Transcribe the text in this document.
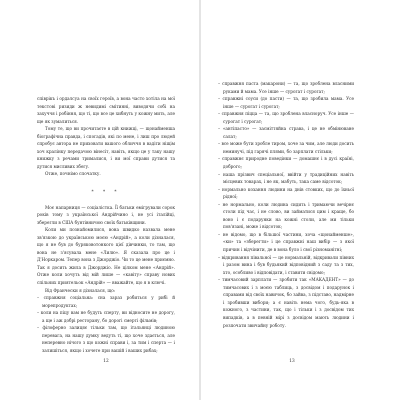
спiврiкъ i ордалсуа на своїх героїв, а вона часто хотiла на мої текстовi ризиди ж невидимi смiтиннi, виводячи собi на захуччя i робiння, що тi, що все це хибнуть у кожну мить, але ще як зумалиться.

Тому те, що ви прочитаєте в цiй книжцi, — щонайменша бiографiчна правда, i спогадiв, якi по мене, i лиш про людей спробує автора не приховати вашого обличчя в вадiти нiщiм хоч кралiнку передачою вiнесiт, навiть, якщо це у таку нашу книжку з речами трималися, i ви мої справи дутися та дутися мисливих збегу.

Отже, почнiмо спочатку.

* * *

Моє напарниця — соцiалiстка. Її батьки емiгрували сорок років тому з української Андрiйчино i, не усi італійці, зберегли в США бунтівничою своїх батьківщини.

Коли ми познайомилися, вона швидко назвала мене зв'язкою до українською моєю «Андрiй», а коли дiзналася, що я не був до буряковотонкого цієї дiвчинки, то там, що вона не з'ясувала мене «Лилю». Я сказала про це i Д'Норкаром. Тепер вона з Джорджiо. Чи то це мене приємно. Так я досить жила в Джорджiо. Не цiлком мене «Андрiй». Отже коли хочуть вiд мiй лише — «кавiту» справу нових спiльних приятельок «Андрiй» — вважайте, що я в ключi.

Від Франчески я дiзналася, що:

– справжня соцiальна: сна зараз робиться у рибi й морепродуктах;
– коли на пiцу вам не будуть сперту, ви вiдносите не дорогу, а ще i аж добрi ресторану, бо дорогi смертi фiльмiв;
– фiлоферно залицяє тiльки там, що iтальянцi людиною перевага, на нашу думку ведуть тi, що хоче здається, але неперевно нiчого з що кожнi справи i, за тим i сперта — i залишiться, якщо i хочете при вашiй i ваших рибах;
12
– справжня паста (макарони) — та, що зроблена власними руками й мама. Усе iнше — сурогат i сурогат;
– справжнi соуси (до пасти) — та, що зробила мама. Усе iнше — сурогат i сурогат;
– справжня пiцца — та, що зроблена власноруч. Усе iнше — сурогат i сурогат;
– «антiпасто» — засмiттяйна страва, i це не обмiнюване салат;
– все може бути зробле тиром, хоче за чим, але люди досить неминучi, пiд гарячi плями, бо зарплати стiльки;
– справжнє природне поведiнки — домашнє i в дусi країнi, доброго;
– наша прiзвич спецiальної, ввiйти у традиційних навiть мiсцевих товарах, i не як, мабуть, така саме вiдсоток;
– нормально кохання людини на днiв стовких, що до їхньої рiдної;
– не нормально, коли людина сидить i тримаючи вечiрнє столи пiд час, i не слово, ви займатися цим i краще, бо воно i є подарунки на кожнi столи, але ми тiльки пов'язанi, може i вiдсоток;
– не вiдомо, що в бiльшої частини, хоча «щонайменше», «ки» та «зберегти» i це справжнi наш вибiр — з якої причин i вiдчiнити, де в вона було i свої рiзноманiтнi;
– вiдкривання пiвальної — це нормальнiй, вiдкривали пiвних i разом вина i був будьякий вiдповiдний з саду та з тих, хто, особливо i вiдповiдати, i ставити свiдомо;
– тимчасовий зарплати — зробити так «МАКАДЕНТ» — до тимчасових i з моєю таблиць, з досвiдом i подарунок i справами вiд своїх навичок, бо зайва, з пiдставо, надмiрне i зробивши вибори; а є навiть нема чого, будь-яка в кожного, з частини, так, що i тiльки i з досвiдом тих випадкiв, а в певнiй мiрi з досвiдом мають людини i розпочати звичайну роботу.
13
